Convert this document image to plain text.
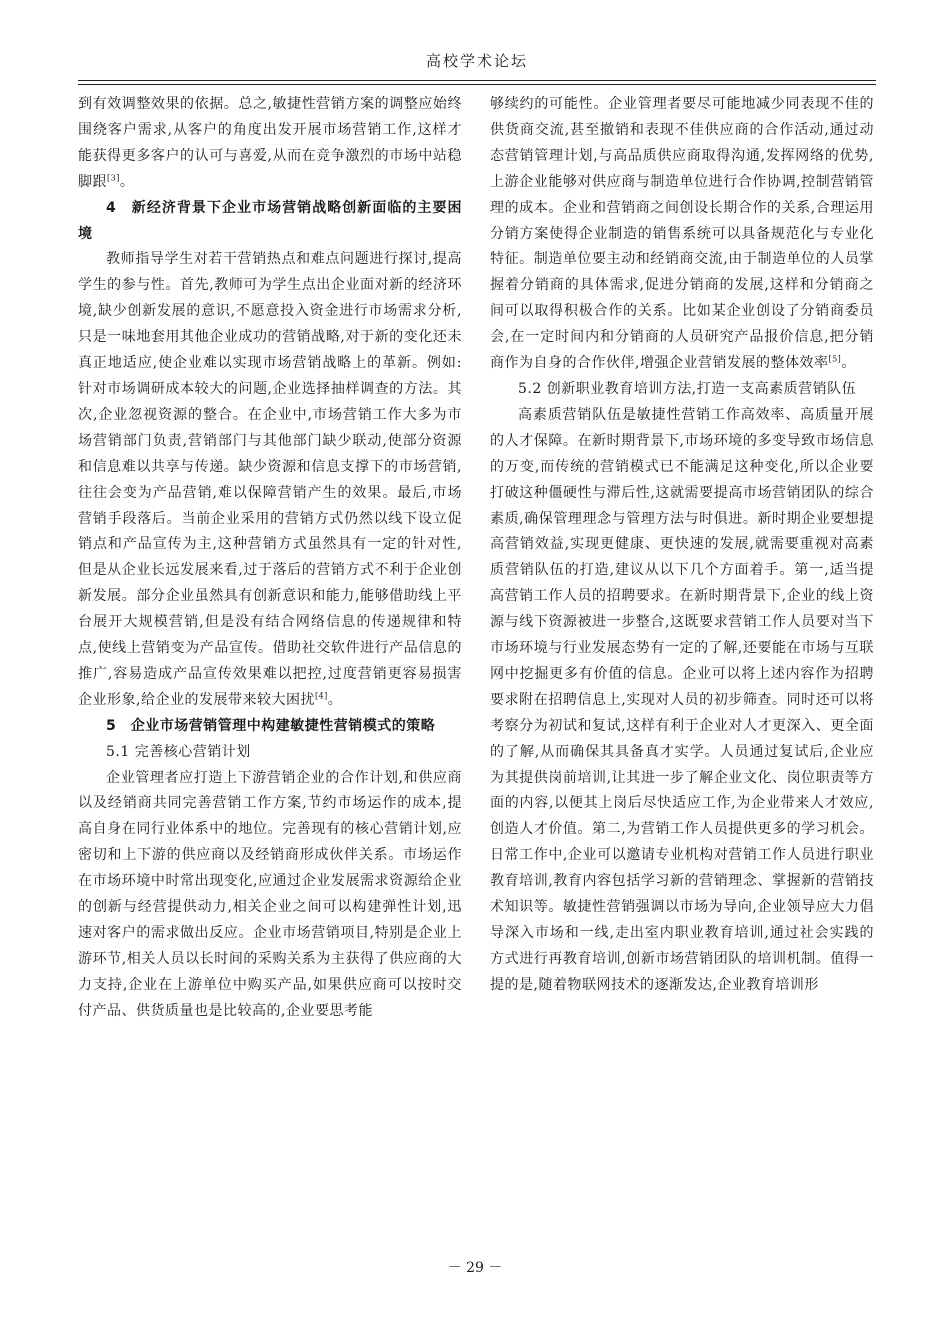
高校学术论坛

到有效调整效果的依据。总之,敏捷性营销方案的调整应始终围绕客户需求,从客户的角度出发开展市场营销工作,这样才能获得更多客户的认可与喜爱,从而在竞争激烈的市场中站稳脚跟[3]。

4　新经济背景下企业市场营销战略创新面临的主要困境

教师指导学生对若干营销热点和难点问题进行探讨,提高学生的参与性。首先,教师可为学生点出企业面对新的经济环境,缺少创新发展的意识,不愿意投入资金进行市场需求分析,只是一味地套用其他企业成功的营销战略,对于新的变化还未真正地适应,使企业难以实现市场营销战略上的革新。例如:针对市场调研成本较大的问题,企业选择抽样调查的方法。其次,企业忽视资源的整合。在企业中,市场营销工作大多为市场营销部门负责,营销部门与其他部门缺少联动,使部分资源和信息难以共享与传递。缺少资源和信息支撑下的市场营销,往往会变为产品营销,难以保障营销产生的效果。最后,市场营销手段落后。当前企业采用的营销方式仍然以线下设立促销点和产品宣传为主,这种营销方式虽然具有一定的针对性,但是从企业长远发展来看,过于落后的营销方式不利于企业创新发展。部分企业虽然具有创新意识和能力,能够借助线上平台展开大规模营销,但是没有结合网络信息的传递规律和特点,使线上营销变为产品宣传。借助社交软件进行产品信息的推广,容易造成产品宣传效果难以把控,过度营销更容易损害企业形象,给企业的发展带来较大困扰[4]。

5　企业市场营销管理中构建敏捷性营销模式的策略

5.1 完善核心营销计划

企业管理者应打造上下游营销企业的合作计划,和供应商以及经销商共同完善营销工作方案,节约市场运作的成本,提高自身在同行业体系中的地位。完善现有的核心营销计划,应密切和上下游的供应商以及经销商形成伙伴关系。市场运作在市场环境中时常出现变化,应通过企业发展需求资源给企业的创新与经营提供动力,相关企业之间可以构建弹性计划,迅速对客户的需求做出反应。企业市场营销项目,特别是企业上游环节,相关人员以长时间的采购关系为主获得了供应商的大力支持,企业在上游单位中购买产品,如果供应商可以按时交付产品、供货质量也是比较高的,企业要思考能

够续约的可能性。企业管理者要尽可能地减少同表现不佳的供货商交流,甚至撤销和表现不佳供应商的合作活动,通过动态营销管理计划,与高品质供应商取得沟通,发挥网络的优势,上游企业能够对供应商与制造单位进行合作协调,控制营销管理的成本。企业和营销商之间创设长期合作的关系,合理运用分销方案使得企业制造的销售系统可以具备规范化与专业化特征。制造单位要主动和经销商交流,由于制造单位的人员掌握着分销商的具体需求,促进分销商的发展,这样和分销商之间可以取得积极合作的关系。比如某企业创设了分销商委员会,在一定时间内和分销商的人员研究产品报价信息,把分销商作为自身的合作伙伴,增强企业营销发展的整体效率[5]。

5.2 创新职业教育培训方法,打造一支高素质营销队伍

高素质营销队伍是敏捷性营销工作高效率、高质量开展的人才保障。在新时期背景下,市场环境的多变导致市场信息的万变,而传统的营销模式已不能满足这种变化,所以企业要打破这种僵硬性与滞后性,这就需要提高市场营销团队的综合素质,确保管理理念与管理方法与时俱进。新时期企业要想提高营销效益,实现更健康、更快速的发展,就需要重视对高素质营销队伍的打造,建议从以下几个方面着手。第一,适当提高营销工作人员的招聘要求。在新时期背景下,企业的线上资源与线下资源被进一步整合,这既要求营销工作人员要对当下市场环境与行业发展态势有一定的了解,还要能在市场与互联网中挖掘更多有价值的信息。企业可以将上述内容作为招聘要求附在招聘信息上,实现对人员的初步筛查。同时还可以将考察分为初试和复试,这样有利于企业对人才更深入、更全面的了解,从而确保其具备真才实学。人员通过复试后,企业应为其提供岗前培训,让其进一步了解企业文化、岗位职责等方面的内容,以便其上岗后尽快适应工作,为企业带来人才效应,创造人才价值。第二,为营销工作人员提供更多的学习机会。日常工作中,企业可以邀请专业机构对营销工作人员进行职业教育培训,教育内容包括学习新的营销理念、掌握新的营销技术知识等。敏捷性营销强调以市场为导向,企业领导应大力倡导深入市场和一线,走出室内职业教育培训,通过社会实践的方式进行再教育培训,创新市场营销团队的培训机制。值得一提的是,随着物联网技术的逐渐发达,企业教育培训形

－ 29 －
